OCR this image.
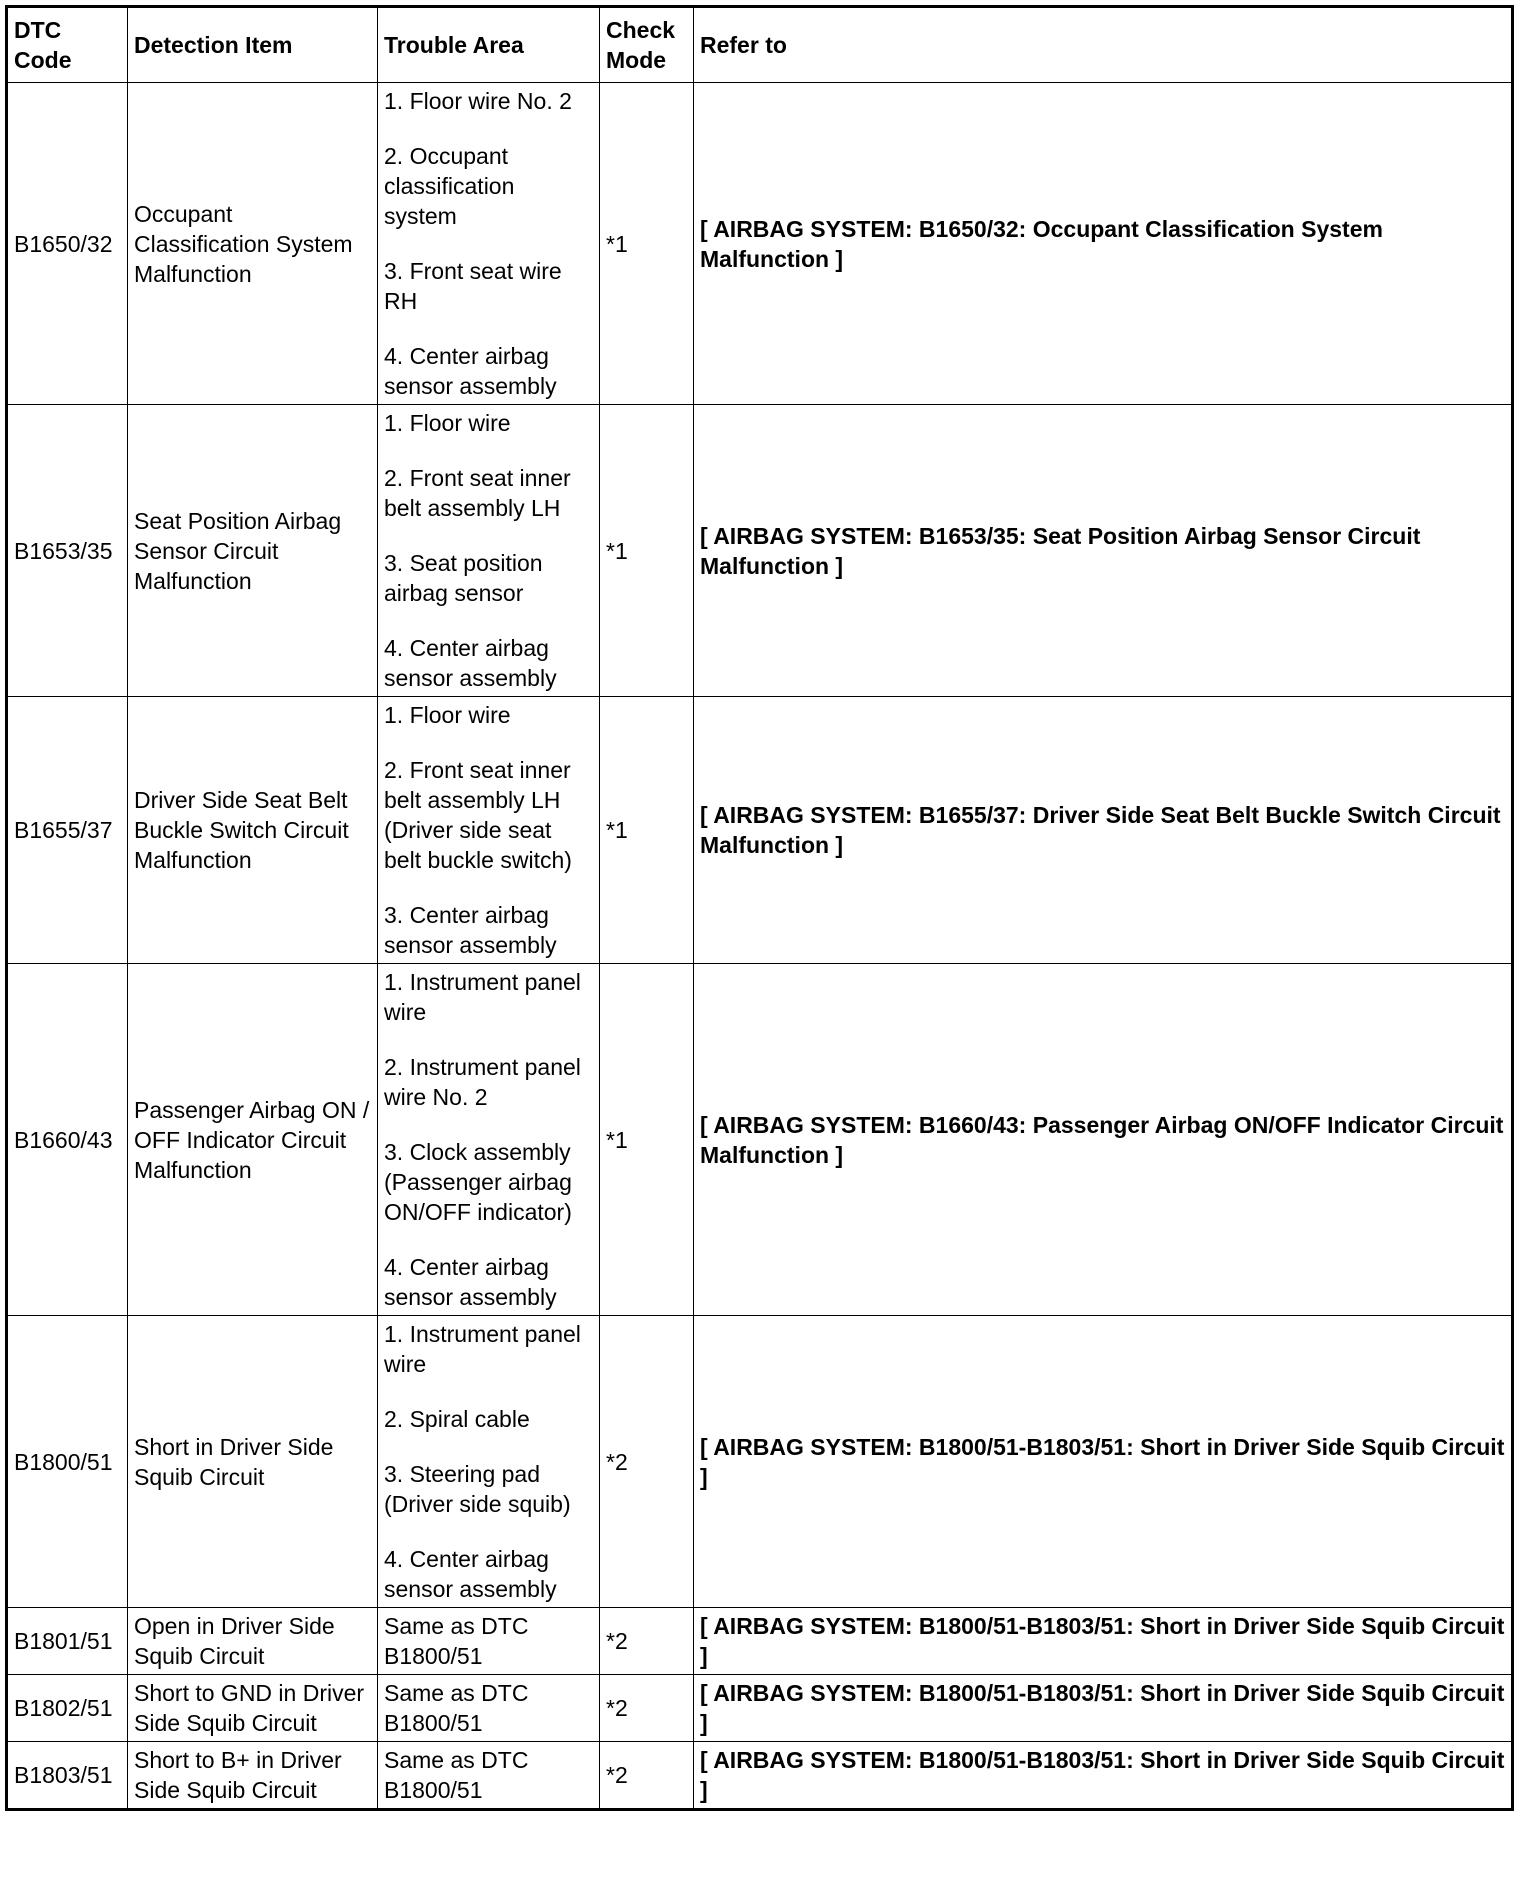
DTC Code	Detection Item	Trouble Area	Check Mode	Refer to
B1650/32	Occupant Classification System Malfunction	1. Floor wire No. 2
2. Occupant classification system
3. Front seat wire RH
4. Center airbag sensor assembly	*1	[ AIRBAG SYSTEM: B1650/32: Occupant Classification System Malfunction ]
B1653/35	Seat Position Airbag Sensor Circuit Malfunction	1. Floor wire
2. Front seat inner belt assembly LH
3. Seat position airbag sensor
4. Center airbag sensor assembly	*1	[ AIRBAG SYSTEM: B1653/35: Seat Position Airbag Sensor Circuit Malfunction ]
B1655/37	Driver Side Seat Belt Buckle Switch Circuit Malfunction	1. Floor wire
2. Front seat inner belt assembly LH (Driver side seat belt buckle switch)
3. Center airbag sensor assembly	*1	[ AIRBAG SYSTEM: B1655/37: Driver Side Seat Belt Buckle Switch Circuit Malfunction ]
B1660/43	Passenger Airbag ON / OFF Indicator Circuit Malfunction	1. Instrument panel wire
2. Instrument panel wire No. 2
3. Clock assembly (Passenger airbag ON/OFF indicator)
4. Center airbag sensor assembly	*1	[ AIRBAG SYSTEM: B1660/43: Passenger Airbag ON/OFF Indicator Circuit Malfunction ]
B1800/51	Short in Driver Side Squib Circuit	1. Instrument panel wire
2. Spiral cable
3. Steering pad (Driver side squib)
4. Center airbag sensor assembly	*2	[ AIRBAG SYSTEM: B1800/51-B1803/51: Short in Driver Side Squib Circuit ]
B1801/51	Open in Driver Side Squib Circuit	Same as DTC B1800/51	*2	[ AIRBAG SYSTEM: B1800/51-B1803/51: Short in Driver Side Squib Circuit ]
B1802/51	Short to GND in Driver Side Squib Circuit	Same as DTC B1800/51	*2	[ AIRBAG SYSTEM: B1800/51-B1803/51: Short in Driver Side Squib Circuit ]
B1803/51	Short to B+ in Driver Side Squib Circuit	Same as DTC B1800/51	*2	[ AIRBAG SYSTEM: B1800/51-B1803/51: Short in Driver Side Squib Circuit ]
